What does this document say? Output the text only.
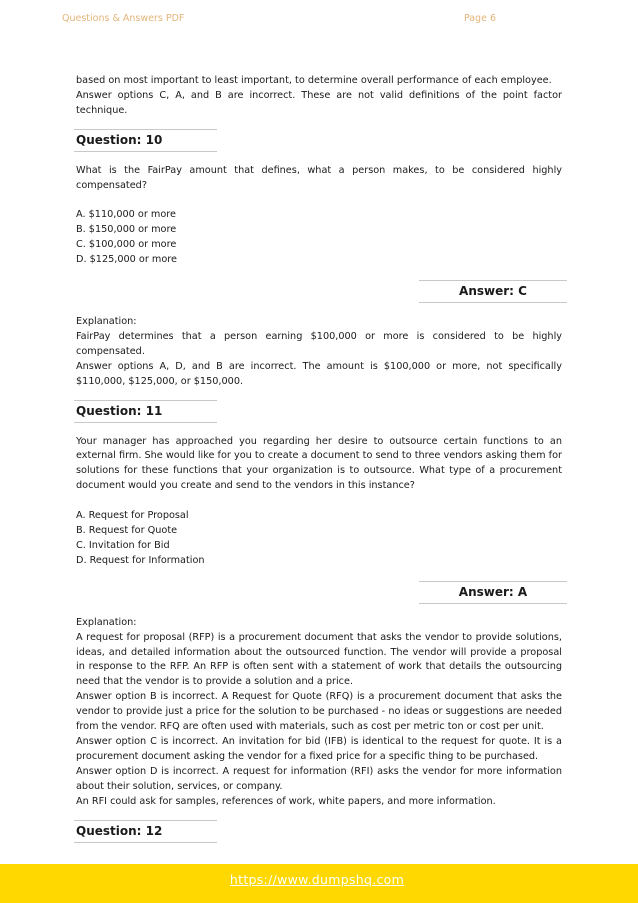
Questions & Answers PDF	Page 6
based on most important to least important, to determine overall performance of each employee.
Answer options C, A, and B are incorrect. These are not valid definitions of the point factor technique.
Question: 10
What is the FairPay amount that defines, what a person makes, to be considered highly compensated?
A. $110,000 or more
B. $150,000 or more
C. $100,000 or more
D. $125,000 or more
Answer: C
Explanation:
FairPay determines that a person earning $100,000 or more is considered to be highly compensated.
Answer options A, D, and B are incorrect. The amount is $100,000 or more, not specifically $110,000, $125,000, or $150,000.
Question: 11
Your manager has approached you regarding her desire to outsource certain functions to an external firm. She would like for you to create a document to send to three vendors asking them for solutions for these functions that your organization is to outsource. What type of a procurement document would you create and send to the vendors in this instance?
A. Request for Proposal
B. Request for Quote
C. Invitation for Bid
D. Request for Information
Answer: A
Explanation:
A request for proposal (RFP) is a procurement document that asks the vendor to provide solutions, ideas, and detailed information about the outsourced function. The vendor will provide a proposal in response to the RFP. An RFP is often sent with a statement of work that details the outsourcing need that the vendor is to provide a solution and a price.
Answer option B is incorrect. A Request for Quote (RFQ) is a procurement document that asks the vendor to provide just a price for the solution to be purchased - no ideas or suggestions are needed from the vendor. RFQ are often used with materials, such as cost per metric ton or cost per unit.
Answer option C is incorrect. An invitation for bid (IFB) is identical to the request for quote. It is a procurement document asking the vendor for a fixed price for a specific thing to be purchased.
Answer option D is incorrect. A request for information (RFI) asks the vendor for more information about their solution, services, or company.
An RFI could ask for samples, references of work, white papers, and more information.
Question: 12
https://www.dumpshq.com
